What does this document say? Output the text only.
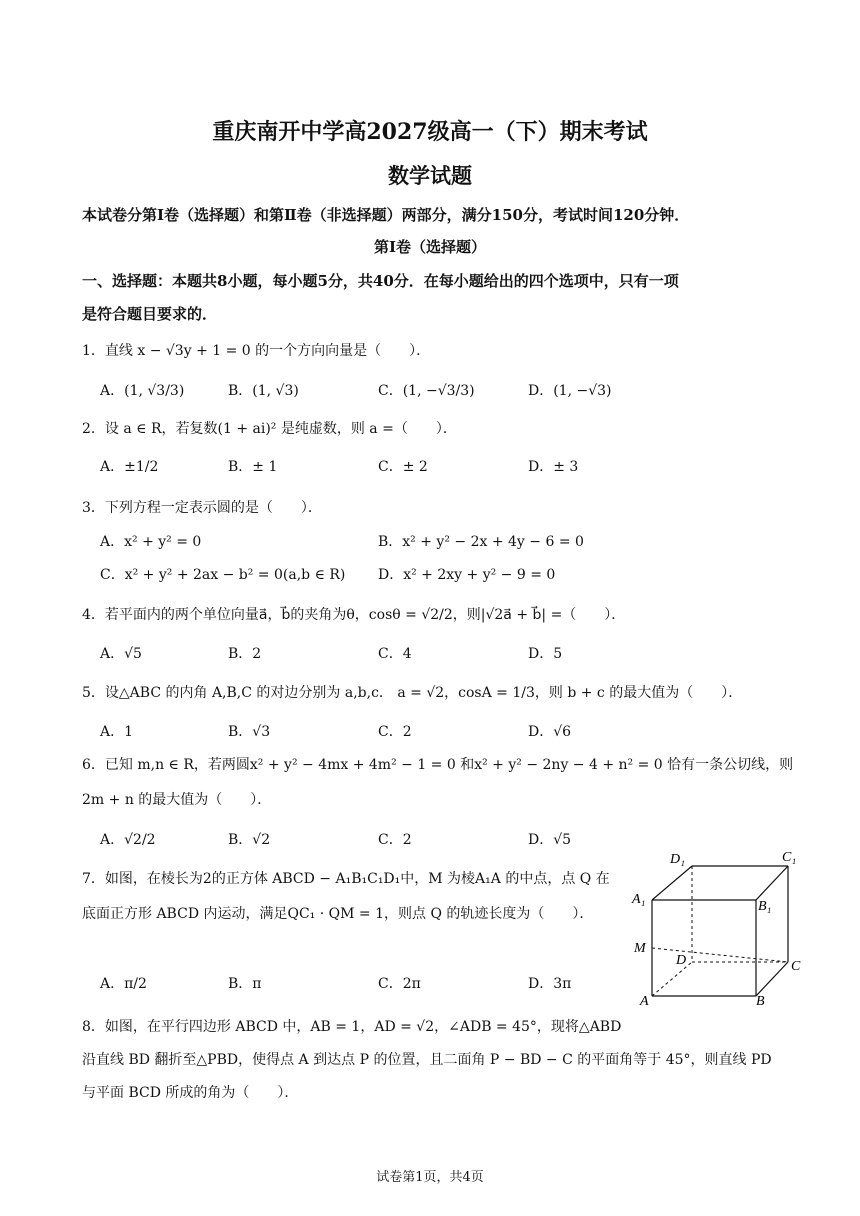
重庆南开中学高2027级高一（下）期末考试
数学试题
本试卷分第Ⅰ卷（选择题）和第Ⅱ卷（非选择题）两部分，满分150分，考试时间120分钟．
第Ⅰ卷（选择题）
一、选择题：本题共8小题，每小题5分，共40分．在每小题给出的四个选项中，只有一项
是符合题目要求的．
1．直线 x − √3y + 1 = 0 的一个方向向量是（　　）．
A．(1, √3/3)	B．(1, √3)	C．(1, −√3/3)	D．(1, −√3)
2．设 a ∈ R，若复数(1 + ai)² 是纯虚数，则 a =（　　）．
A．±1/2	B．± 1	C．± 2	D．± 3
3．下列方程一定表示圆的是（　　）．
A．x² + y² = 0	B．x² + y² − 2x + 4y − 6 = 0
C．x² + y² + 2ax − b² = 0(a,b ∈ R) D．x² + 2xy + y² − 9 = 0
4．若平面内的两个单位向量a⃗，b⃗的夹角为θ，cosθ = √2/2，则|√2a⃗ + b⃗| =（　　）．
A．√5	B．2	C．4	D．5
5．设△ABC 的内角 A,B,C 的对边分别为 a,b,c． a = √2，cosA = 1/3，则 b + c 的最大值为（　　）．
A．1	B．√3	C．2	D．√6
6．已知 m,n ∈ R，若两圆x² + y² − 4mx + 4m² − 1 = 0 和x² + y² − 2ny − 4 + n² = 0 恰有一条公切线，则
2m + n 的最大值为（　　）．
A．√2/2	B．√2	C．2	D．√5
7．如图，在棱长为2的正方体 ABCD − A₁B₁C₁D₁中，M 为棱A₁A 的中点，点 Q 在
底面正方形 ABCD 内运动，满足QC₁ · QM = 1，则点 Q 的轨迹长度为（　　）．
A．π/2	B．π	C．2π	D．3π
D₁	C₁
A₁	B₁
M
D	C
A	B
8．如图，在平行四边形 ABCD 中，AB = 1，AD = √2，∠ADB = 45°，现将△ABD
沿直线 BD 翻折至△PBD，使得点 A 到达点 P 的位置，且二面角 P − BD − C 的平面角等于 45°，则直线 PD
与平面 BCD 所成的角为（　　）．
试卷第1页，共4页
